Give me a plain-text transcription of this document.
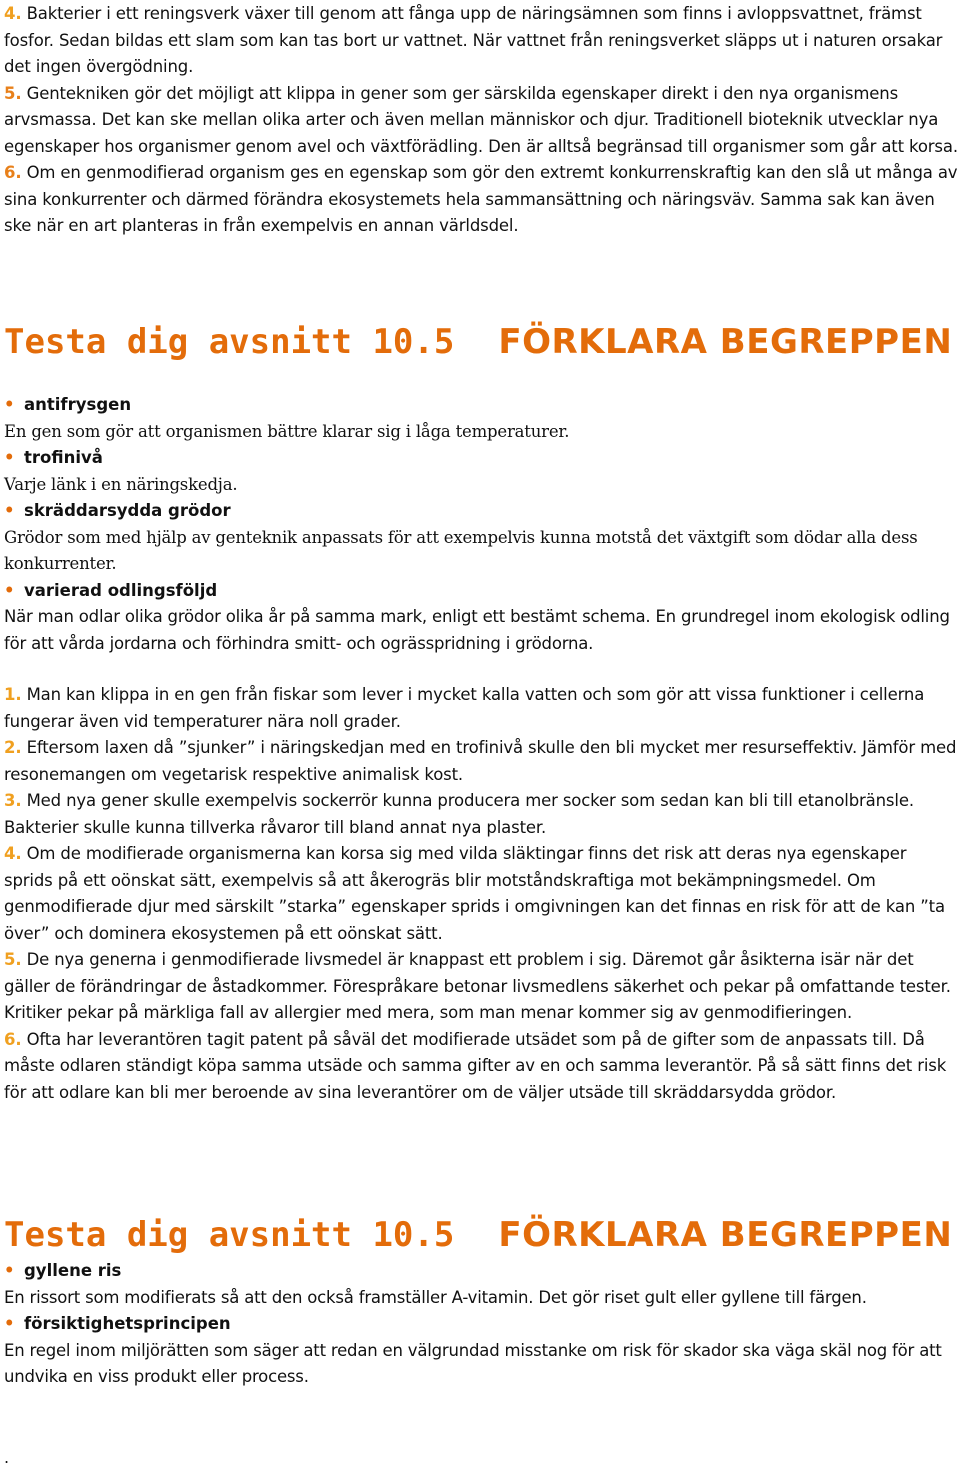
4. Bakterier i ett reningsverk växer till genom att fånga upp de näringsämnen som finns i avloppsvattnet, främst fosfor. Sedan bildas ett slam som kan tas bort ur vattnet. När vattnet från reningsverket släpps ut i naturen orsakar det ingen övergödning.

5. Gentekniken gör det möjligt att klippa in gener som ger särskilda egenskaper direkt i den nya organismens arvsmassa. Det kan ske mellan olika arter och även mellan människor och djur. Traditionell bioteknik utvecklar nya egenskaper hos organismer genom avel och växtförädling. Den är alltså begränsad till organismer som går att korsa.

6. Om en genmodifierad organism ges en egenskap som gör den extremt konkurrenskraftig kan den slå ut många av sina konkurrenter och därmed förändra ekosystemets hela sammansättning och näringsväv. Samma sak kan även ske när en art planteras in från exempelvis en annan världsdel.

Testa dig avsnitt 10.5 FÖRKLARA BEGREPPEN

• antifrysgen

En gen som gör att organismen bättre klarar sig i låga temperaturer.

• trofinivå

Varje länk i en näringskedja.

• skräddarsydda grödor

Grödor som med hjälp av genteknik anpassats för att exempelvis kunna motstå det växtgift som dödar alla dess konkurrenter.

• varierad odlingsföljd

När man odlar olika grödor olika år på samma mark, enligt ett bestämt schema. En grundregel inom ekologisk odling för att vårda jordarna och förhindra smitt- och ogrässpridning i grödorna.

1. Man kan klippa in en gen från fiskar som lever i mycket kalla vatten och som gör att vissa funktioner i cellerna fungerar även vid temperaturer nära noll grader.

2. Eftersom laxen då ”sjunker” i näringskedjan med en trofinivå skulle den bli mycket mer resurseffektiv. Jämför med resonemangen om vegetarisk respektive animalisk kost.

3. Med nya gener skulle exempelvis sockerrör kunna producera mer socker som sedan kan bli till etanolbränsle. Bakterier skulle kunna tillverka råvaror till bland annat nya plaster.

4. Om de modifierade organismerna kan korsa sig med vilda släktingar finns det risk att deras nya egenskaper sprids på ett oönskat sätt, exempelvis så att åkerogräs blir motståndskraftiga mot bekämpningsmedel. Om genmodifierade djur med särskilt ”starka” egenskaper sprids i omgivningen kan det finnas en risk för att de kan ”ta över” och dominera ekosystemen på ett oönskat sätt.

5. De nya generna i genmodifierade livsmedel är knappast ett problem i sig. Däremot går åsikterna isär när det gäller de förändringar de åstadkommer. Förespråkare betonar livsmedlens säkerhet och pekar på omfattande tester. Kritiker pekar på märkliga fall av allergier med mera, som man menar kommer sig av genmodifieringen.

6. Ofta har leverantören tagit patent på såväl det modifierade utsädet som på de gifter som de anpassats till. Då måste odlaren ständigt köpa samma utsäde och samma gifter av en och samma leverantör. På så sätt finns det risk för att odlare kan bli mer beroende av sina leverantörer om de väljer utsäde till skräddarsydda grödor.

Testa dig avsnitt 10.5 FÖRKLARA BEGREPPEN

• gyllene ris

En rissort som modifierats så att den också framställer A-vitamin. Det gör riset gult eller gyllene till färgen.

• försiktighetsprincipen

En regel inom miljörätten som säger att redan en välgrundad misstanke om risk för skador ska väga skäl nog för att undvika en viss produkt eller process.

.
